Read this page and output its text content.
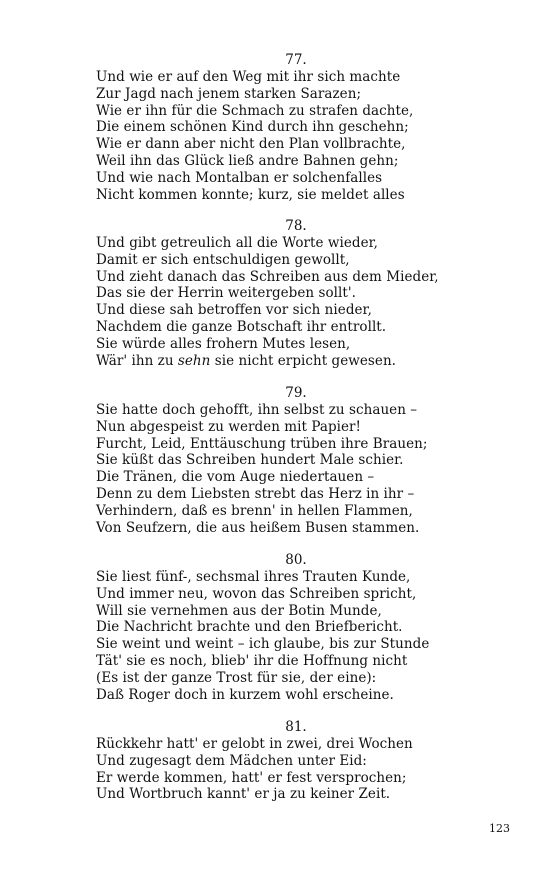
77.
Und wie er auf den Weg mit ihr sich machte
Zur Jagd nach jenem starken Sarazen;
Wie er ihn für die Schmach zu strafen dachte,
Die einem schönen Kind durch ihn geschehn;
Wie er dann aber nicht den Plan vollbrachte,
Weil ihn das Glück ließ andre Bahnen gehn;
Und wie nach Montalban er solchenfalles
Nicht kommen konnte; kurz, sie meldet alles
78.
Und gibt getreulich all die Worte wieder,
Damit er sich entschuldigen gewollt,
Und zieht danach das Schreiben aus dem Mieder,
Das sie der Herrin weitergeben sollt'.
Und diese sah betroffen vor sich nieder,
Nachdem die ganze Botschaft ihr entrollt.
Sie würde alles frohern Mutes lesen,
Wär' ihn zu sehn sie nicht erpicht gewesen.
79.
Sie hatte doch gehofft, ihn selbst zu schauen –
Nun abgespeist zu werden mit Papier!
Furcht, Leid, Enttäuschung trüben ihre Brauen;
Sie küßt das Schreiben hundert Male schier.
Die Tränen, die vom Auge niedertauen –
Denn zu dem Liebsten strebt das Herz in ihr –
Verhindern, daß es brenn' in hellen Flammen,
Von Seufzern, die aus heißem Busen stammen.
80.
Sie liest fünf-, sechsmal ihres Trauten Kunde,
Und immer neu, wovon das Schreiben spricht,
Will sie vernehmen aus der Botin Munde,
Die Nachricht brachte und den Briefbericht.
Sie weint und weint – ich glaube, bis zur Stunde
Tät' sie es noch, blieb' ihr die Hoffnung nicht
(Es ist der ganze Trost für sie, der eine):
Daß Roger doch in kurzem wohl erscheine.
81.
Rückkehr hatt' er gelobt in zwei, drei Wochen
Und zugesagt dem Mädchen unter Eid:
Er werde kommen, hatt' er fest versprochen;
Und Wortbruch kannt' er ja zu keiner Zeit.
123
